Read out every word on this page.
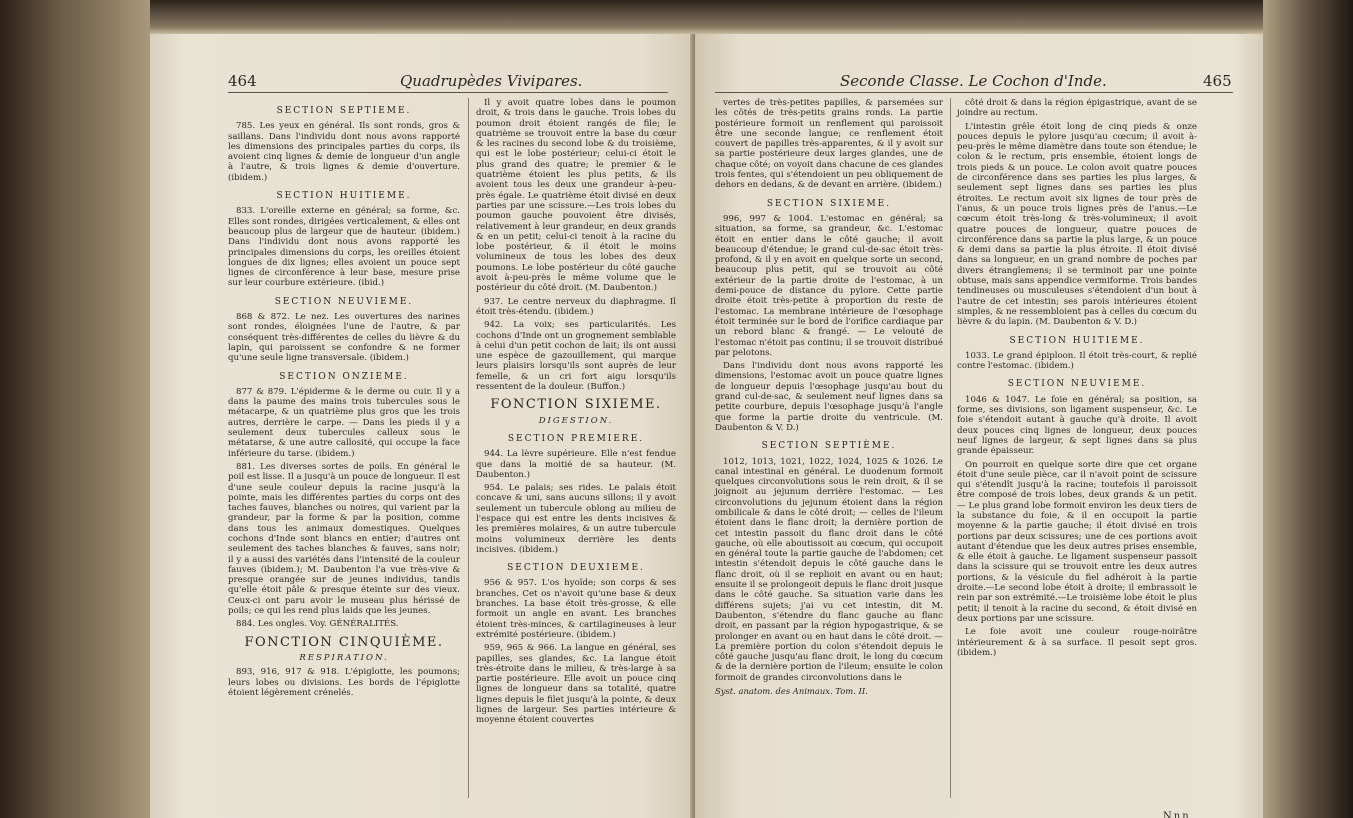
464	Quadrupèdes Vivipares.

SECTION SEPTIEME.

785. Les yeux en général. Ils sont ronds, gros & saillans. Dans l'individu dont nous avons rapporté les dimensions des principales parties du corps, ils avoient cinq lignes & demie de longueur d'un angle à l'autre, & trois lignes & demie d'ouverture. (ibidem.)

SECTION HUITIEME.

833. L'oreille externe en général; sa forme, &c. Elles sont rondes, dirigées verticalement, & elles ont beaucoup plus de largeur que de hauteur. (ibidem.) Dans l'individu dont nous avons rapporté les principales dimensions du corps, les oreilles étoient longues de dix lignes; elles avoient un pouce sept lignes de circonférence à leur base, mesure prise sur leur courbure extérieure. (ibid.)

SECTION NEUVIEME.

868 & 872. Le nez. Les ouvertures des narines sont rondes, éloignées l'une de l'autre, & par conséquent très-différentes de celles du lièvre & du lapin, qui paroissent se confondre & ne former qu'une seule ligne transversale. (ibidem.)

SECTION ONZIEME.

877 & 879. L'épiderme & le derme ou cuir. Il y a dans la paume des mains trois tubercules sous le métacarpe, & un quatrième plus gros que les trois autres, derrière le carpe. — Dans les pieds il y a seulement deux tubercules calleux sous le métatarse, & une autre callosité, qui occupe la face inférieure du tarse. (ibidem.)

881. Les diverses sortes de poils. En général le poil est lisse. Il a jusqu'à un pouce de longueur. Il est d'une seule couleur depuis la racine jusqu'à la pointe, mais les différentes parties du corps ont des taches fauves, blanches ou noires, qui varient par la grandeur, par la forme & par la position, comme dans tous les animaux domestiques. Quelques cochons d'Inde sont blancs en entier; d'autres ont seulement des taches blanches & fauves, sans noir; il y a aussi des variétés dans l'intensité de la couleur fauves (ibidem.); M. Daubenton l'a vue très-vive & presque orangée sur de jeunes individus, tandis qu'elle étoit pâle & presque éteinte sur des vieux. Ceux-ci ont paru avoir le museau plus hérissé de poils; ce qui les rend plus laids que les jeunes.

884. Les ongles. Voy. GÉNÉRALITÉS.

FONCTION CINQUIÈME.

RESPIRATION.

893, 916, 917 & 918. L'épiglotte, les poumons; leurs lobes ou divisions. Les bords de l'épiglotte étoient légèrement crénelés.

Il y avoit quatre lobes dans le poumon droit, & trois dans le gauche. Trois lobes du poumon droit étoient rangés de file; le quatrième se trouvoit entre la base du cœur & les racines du second lobe & du troisième, qui est le lobe postérieur; celui-ci étoit le plus grand des quatre; le premier & le quatrième étoient les plus petits, & ils avoient tous les deux une grandeur à-peu-près égale. Le quatrième étoit divisé en deux parties par une scissure.—Les trois lobes du poumon gauche pouvoient être divisés, relativement à leur grandeur, en deux grands & en un petit; celui-ci tenoit à la racine du lobe postérieur, & il étoit le moins volumineux de tous les lobes des deux poumons. Le lobe postérieur du côté gauche avoit à-peu-près le même volume que le postérieur du côté droit. (M. Daubenton.)

937. Le centre nerveux du diaphragme. Il étoit très-étendu. (ibidem.)

942. La voix; ses particularités. Les cochons d'Inde ont un grognement semblable à celui d'un petit cochon de lait; ils ont aussi une espèce de gazouillement, qui marque leurs plaisirs lorsqu'ils sont auprès de leur femelle, & un cri fort aigu lorsqu'ils ressentent de la douleur. (Buffon.)

FONCTION SIXIEME.

DIGESTION.

SECTION PREMIERE.

944. La lèvre supérieure. Elle n'est fendue que dans la moitié de sa hauteur. (M. Daubenton.)

954. Le palais; ses rides. Le palais étoit concave & uni, sans aucuns sillons; il y avoit seulement un tubercule oblong au milieu de l'espace qui est entre les dents incisives & les premières molaires, & un autre tubercule moins volumineux derrière les dents incisives. (ibidem.)

SECTION DEUXIEME.

956 & 957. L'os hyoïde; son corps & ses branches. Cet os n'avoit qu'une base & deux branches. La base étoit très-grosse, & elle formoit un angle en avant. Les branches étoient très-minces, & cartilagineuses à leur extrémité postérieure. (ibidem.)

959, 965 & 966. La langue en général, ses papilles, ses glandes, &c. La langue étoit très-étroite dans le milieu, & très-large à sa partie postérieure. Elle avoit un pouce cinq lignes de longueur dans sa totalité, quatre lignes depuis le filet jusqu'à la pointe, & deux lignes de largeur. Ses parties intérieure & moyenne étoient couvertes

Seconde Classe. Le Cochon d'Inde.	465

vertes de très-petites papilles, & parsemées sur les côtés de très-petits grains ronds. La partie postérieure formoit un renflement qui paroissoit être une seconde langue; ce renflement étoit couvert de papilles très-apparentes, & il y avoit sur sa partie postérieure deux larges glandes, une de chaque côté; on voyoit dans chacune de ces glandes trois fentes, qui s'étendoient un peu obliquement de dehors en dedans, & de devant en arrière. (ibidem.)

SECTION SIXIEME.

996, 997 & 1004. L'estomac en général; sa situation, sa forme, sa grandeur, &c. L'estomac étoit en entier dans le côté gauche; il avoit beaucoup d'étendue; le grand cul-de-sac étoit très-profond, & il y en avoit en quelque sorte un second, beaucoup plus petit, qui se trouvoit au côté extérieur de la partie droite de l'estomac, à un demi-pouce de distance du pylore. Cette partie droite étoit très-petite à proportion du reste de l'estomac. La membrane intérieure de l'œsophage étoit terminée sur le bord de l'orifice cardiaque par un rebord blanc & frangé. — Le velouté de l'estomac n'étoit pas continu; il se trouvoit distribué par pelotons.

Dans l'individu dont nous avons rapporté les dimensions, l'estomac avoit un pouce quatre lignes de longueur depuis l'œsophage jusqu'au bout du grand cul-de-sac, & seulement neuf lignes dans sa petite courbure, depuis l'œsophage jusqu'à l'angle que forme la partie droite du ventricule. (M. Daubenton & V. D.)

SECTION SEPTIÈME.

1012, 1013, 1021, 1022, 1024, 1025 & 1026. Le canal intestinal en général. Le duodenum formoit quelques circonvolutions sous le rein droit, & il se joignoit au jejunum derrière l'estomac. — Les circonvolutions du jejunum étoient dans la région ombilicale & dans le côté droit; — celles de l'ileum étoient dans le flanc droit; la dernière portion de cet intestin passoit du flanc droit dans le côté gauche, où elle aboutissoit au cœcum, qui occupoit en général toute la partie gauche de l'abdomen; cet intestin s'étendoit depuis le côté gauche dans le flanc droit, où il se replioit en avant ou en haut; ensuite il se prolongeoit depuis le flanc droit jusque dans le côté gauche. Sa situation varie dans les différens sujets; j'ai vu cet intestin, dit M. Daubenton, s'étendre du flanc gauche au flanc droit, en passant par la région hypogastrique, & se prolonger en avant ou en haut dans le côté droit. — La première portion du colon s'étendoit depuis le côté gauche jusqu'au flanc droit, le long du cœcum & de la dernière portion de l'ileum; ensuite le colon formoit de grandes circonvolutions dans le

Syst. anatom. des Animaux. Tom. II.

côté droit & dans la région épigastrique, avant de se joindre au rectum.

L'intestin grêle étoit long de cinq pieds & onze pouces depuis le pylore jusqu'au cœcum; il avoit à-peu-près le même diamètre dans toute son étendue; le colon & le rectum, pris ensemble, étoient longs de trois pieds & un pouce. Le colon avoit quatre pouces de circonférence dans ses parties les plus larges, & seulement sept lignes dans ses parties les plus étroites. Le rectum avoit six lignes de tour près de l'anus, & un pouce trois lignes près de l'anus.—Le cœcum étoit très-long & très-volumineux; il avoit quatre pouces de longueur, quatre pouces de circonférence dans sa partie la plus large, & un pouce & demi dans sa partie la plus étroite. Il étoit divisé dans sa longueur, en un grand nombre de poches par divers étranglemens; il se terminoit par une pointe obtuse, mais sans appendice vermiforme. Trois bandes tendineuses ou musculeuses s'étendoient d'un bout à l'autre de cet intestin; ses parois intérieures étoient simples, & ne ressembloient pas à celles du cœcum du lièvre & du lapin. (M. Daubenton & V. D.)

SECTION HUITIEME.

1033. Le grand épiploon. Il étoit très-court, & replié contre l'estomac. (ibidem.)

SECTION NEUVIEME.

1046 & 1047. Le foie en général; sa position, sa forme, ses divisions, son ligament suspenseur, &c. Le foie s'étendoit autant à gauche qu'à droite. Il avoit deux pouces cinq lignes de longueur, deux pouces neuf lignes de largeur, & sept lignes dans sa plus grande épaisseur.

On pourroit en quelque sorte dire que cet organe étoit d'une seule pièce, car il n'avoit point de scissure qui s'étendît jusqu'à la racine; toutefois il paroissoit être composé de trois lobes, deux grands & un petit. — Le plus grand lobe formoit environ les deux tiers de la substance du foie, & il en occupoit la partie moyenne & la partie gauche; il étoit divisé en trois portions par deux scissures; une de ces portions avoit autant d'étendue que les deux autres prises ensemble, & elle étoit à gauche. Le ligament suspenseur passoit dans la scissure qui se trouvoit entre les deux autres portions, & la vésicule du fiel adhéroit à la partie droite.—Le second lobe étoit à droite; il embrassoit le rein par son extrémité.—Le troisième lobe étoit le plus petit; il tenoit à la racine du second, & étoit divisé en deux portions par une scissure.

Le foie avoit une couleur rouge-noirâtre intérieurement & à sa surface. Il pesoit sept gros. (ibidem.)

Nnn
